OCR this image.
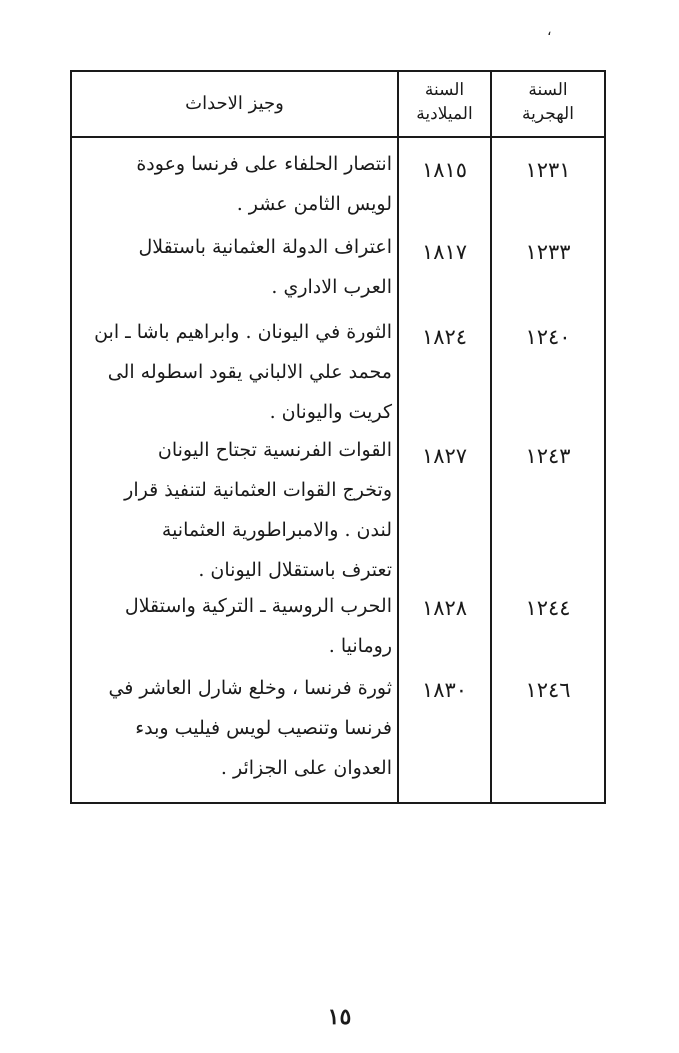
،
السنة
الهجرية
السنة
الميلادية
وجيز الاحداث
١٢٣١
١٨١٥
انتصار الحلفاء على فرنسا وعودة
لويس الثامن عشر .
١٢٣٣
١٨١٧
اعتراف الدولة العثمانية باستقلال
العرب الاداري .
١٢٤٠
١٨٢٤
الثورة في اليونان . وابراهيم باشا ـ ابن
محمد علي الالباني يقود اسطوله الى
كريت واليونان .
١٢٤٣
١٨٢٧
القوات الفرنسية تجتاح اليونان
وتخرج القوات العثمانية لتنفيذ قرار
لندن . والامبراطورية العثمانية
تعترف باستقلال اليونان .
١٢٤٤
١٨٢٨
الحرب الروسية ـ التركية واستقلال
رومانيا .
١٢٤٦
١٨٣٠
ثورة فرنسا ، وخلع شارل العاشر في
فرنسا وتنصيب لويس فيليب وبدء
العدوان على الجزائر .
١٥
